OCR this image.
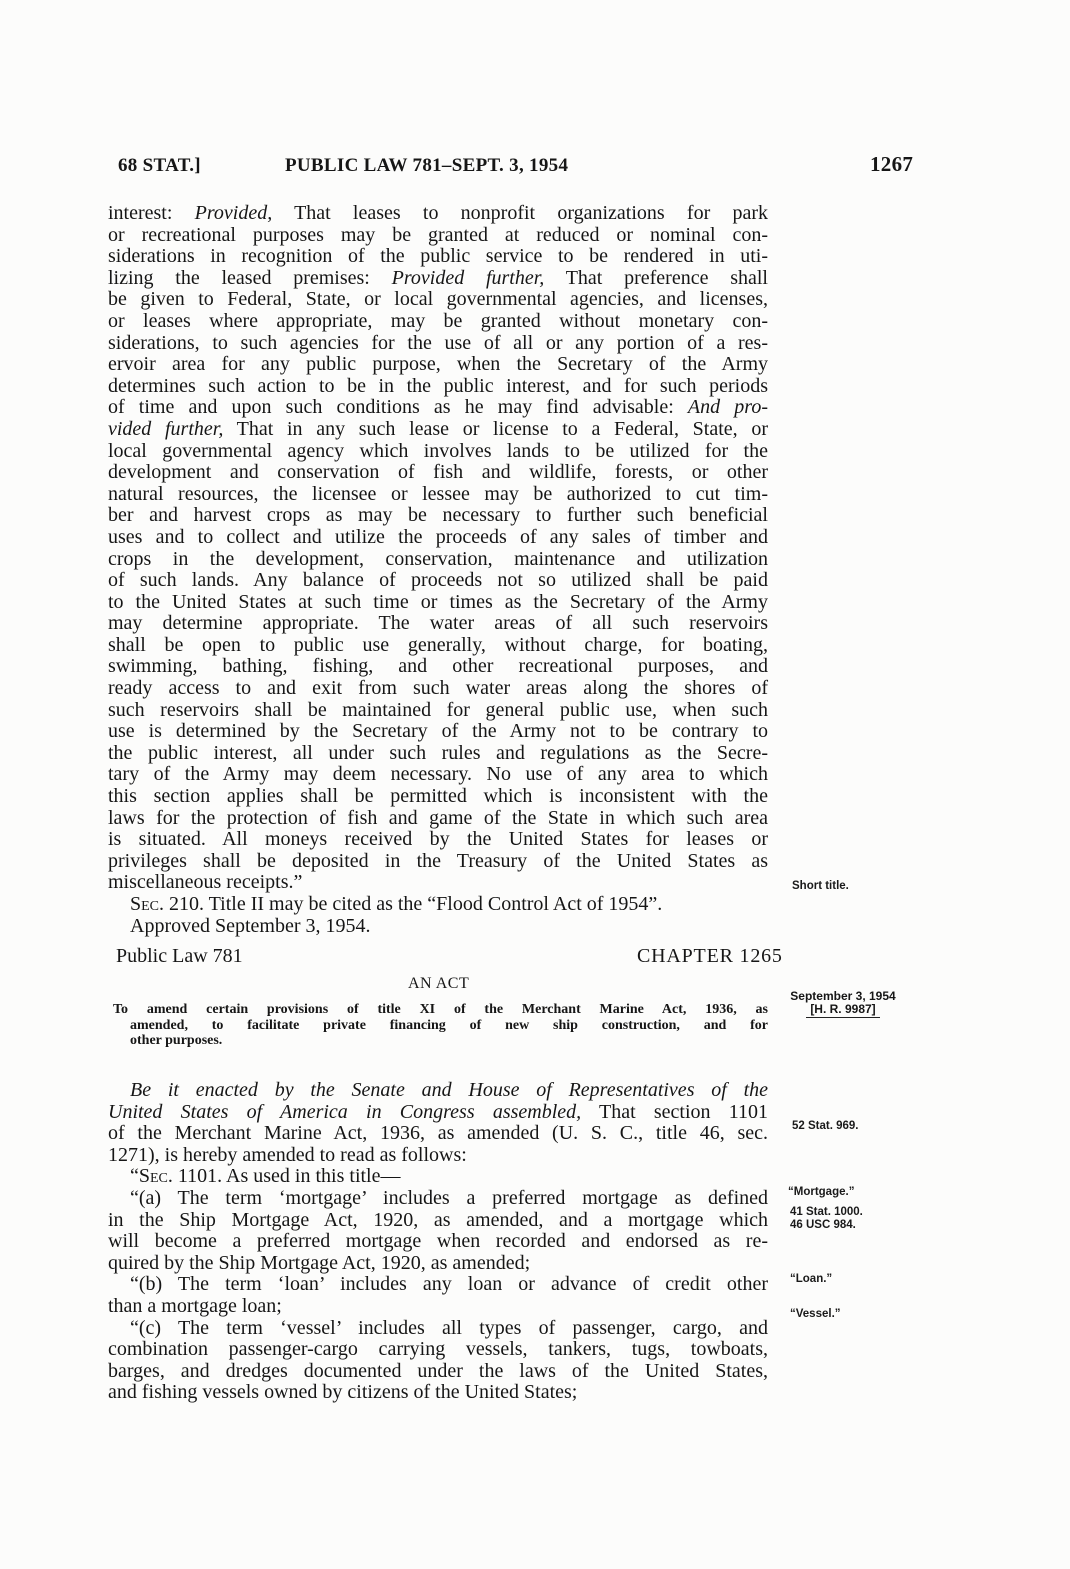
68 STAT.]	PUBLIC LAW 781–SEPT. 3, 1954	1267
interest: Provided, That leases to nonprofit organizations for park
or recreational purposes may be granted at reduced or nominal con-
siderations in recognition of the public service to be rendered in uti-
lizing the leased premises: Provided further, That preference shall
be given to Federal, State, or local governmental agencies, and licenses,
or leases where appropriate, may be granted without monetary con-
siderations, to such agencies for the use of all or any portion of a res-
ervoir area for any public purpose, when the Secretary of the Army
determines such action to be in the public interest, and for such periods
of time and upon such conditions as he may find advisable: And pro-
vided further, That in any such lease or license to a Federal, State, or
local governmental agency which involves lands to be utilized for the
development and conservation of fish and wildlife, forests, or other
natural resources, the licensee or lessee may be authorized to cut tim-
ber and harvest crops as may be necessary to further such beneficial
uses and to collect and utilize the proceeds of any sales of timber and
crops in the development, conservation, maintenance and utilization
of such lands. Any balance of proceeds not so utilized shall be paid
to the United States at such time or times as the Secretary of the Army
may determine appropriate. The water areas of all such reservoirs
shall be open to public use generally, without charge, for boating,
swimming, bathing, fishing, and other recreational purposes, and
ready access to and exit from such water areas along the shores of
such reservoirs shall be maintained for general public use, when such
use is determined by the Secretary of the Army not to be contrary to
the public interest, all under such rules and regulations as the Secre-
tary of the Army may deem necessary. No use of any area to which
this section applies shall be permitted which is inconsistent with the
laws for the protection of fish and game of the State in which such area
is situated. All moneys received by the United States for leases or
privileges shall be deposited in the Treasury of the United States as
miscellaneous receipts.”
Sec. 210. Title II may be cited as the “Flood Control Act of 1954”.
Approved September 3, 1954.
Short title.
Public Law 781	CHAPTER 1265
AN ACT
To amend certain provisions of title XI of the Merchant Marine Act, 1936, as
amended, to facilitate private financing of new ship construction, and for
other purposes.
September 3, 1954
[H. R. 9987]
Be it enacted by the Senate and House of Representatives of the
United States of America in Congress assembled, That section 1101
of the Merchant Marine Act, 1936, as amended (U. S. C., title 46, sec.
1271), is hereby amended to read as follows:
“Sec. 1101. As used in this title—
“(a) The term ‘mortgage’ includes a preferred mortgage as defined
in the Ship Mortgage Act, 1920, as amended, and a mortgage which
will become a preferred mortgage when recorded and endorsed as re-
quired by the Ship Mortgage Act, 1920, as amended;
“(b) The term ‘loan’ includes any loan or advance of credit other
than a mortgage loan;
“(c) The term ‘vessel’ includes all types of passenger, cargo, and
combination passenger-cargo carrying vessels, tankers, tugs, towboats,
barges, and dredges documented under the laws of the United States,
and fishing vessels owned by citizens of the United States;
52 Stat. 969.
“Mortgage.”
41 Stat. 1000.
46 USC 984.
“Loan.”
“Vessel.”
